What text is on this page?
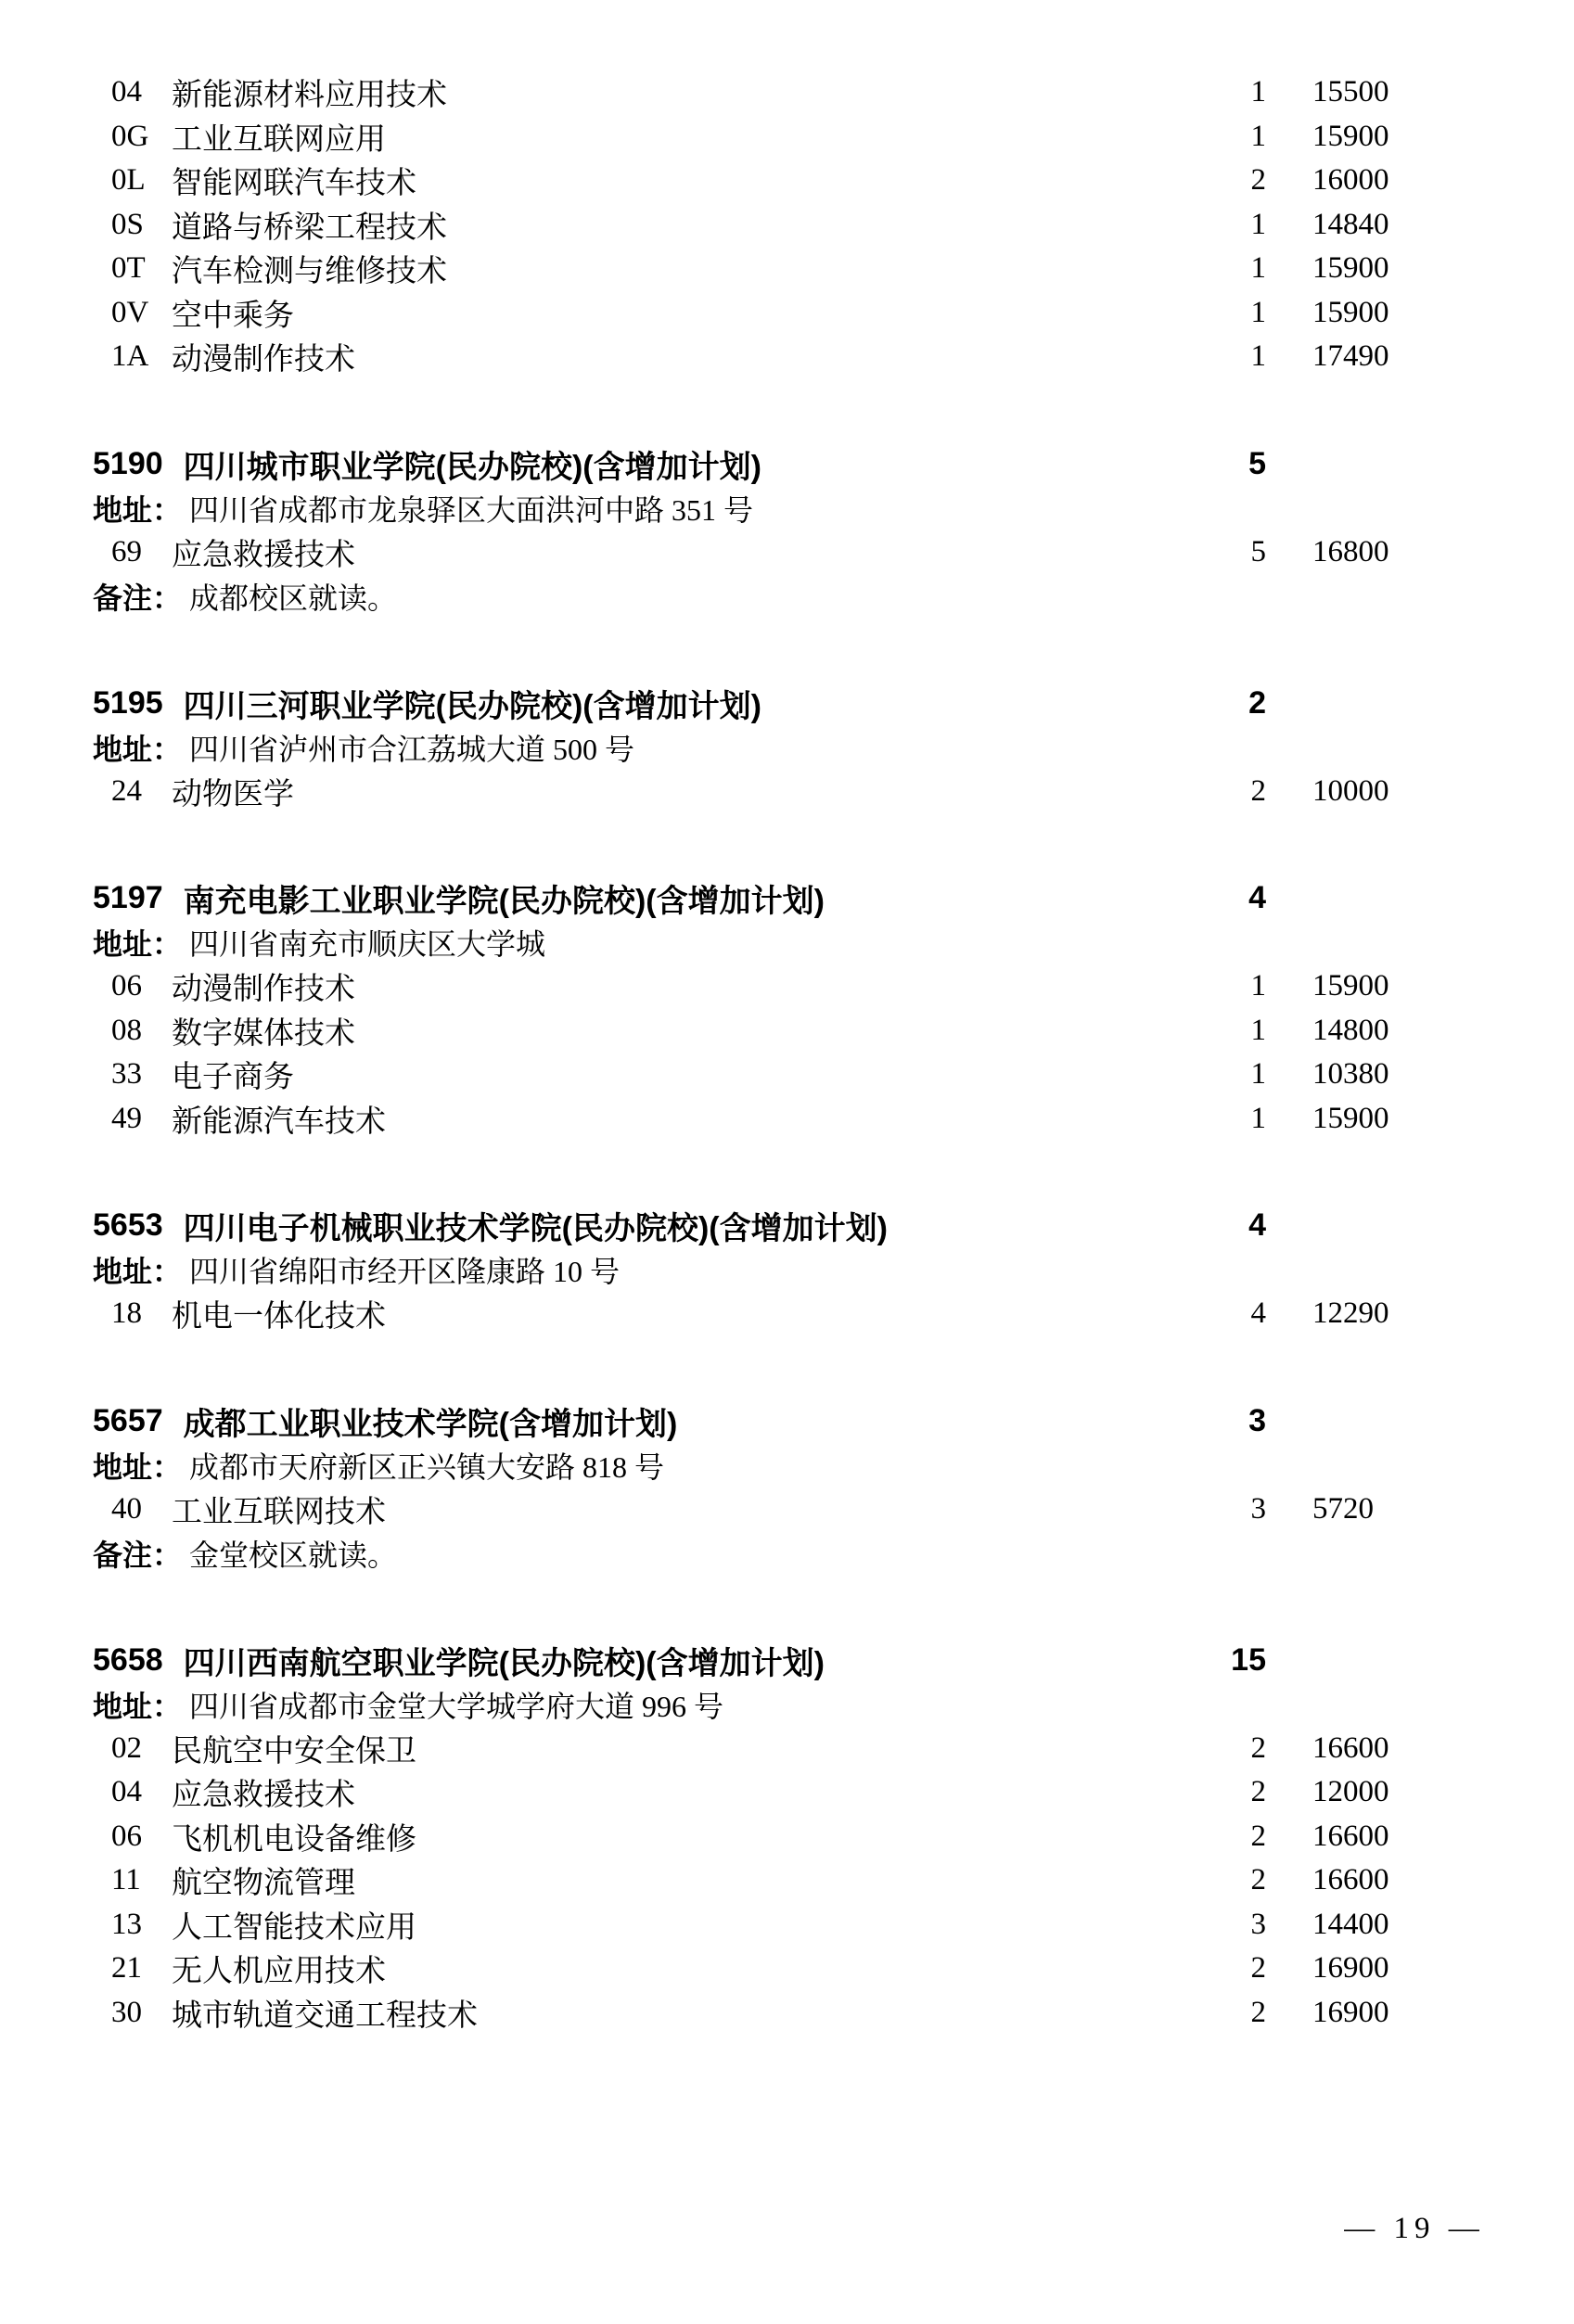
04 新能源材料应用技术	1	15500
0G 工业互联网应用	1	15900
0L 智能网联汽车技术	2	16000
0S 道路与桥梁工程技术	1	14840
0T 汽车检测与维修技术	1	15900
0V 空中乘务	1	15900
1A 动漫制作技术	1	17490
5190 四川城市职业学院(民办院校)(含增加计划)	5
地址： 四川省成都市龙泉驿区大面洪河中路 351 号
69 应急救援技术	5	16800
备注： 成都校区就读。
5195 四川三河职业学院(民办院校)(含增加计划)	2
地址： 四川省泸州市合江荔城大道 500 号
24 动物医学	2	10000
5197 南充电影工业职业学院(民办院校)(含增加计划)	4
地址： 四川省南充市顺庆区大学城
06 动漫制作技术	1	15900
08 数字媒体技术	1	14800
33 电子商务	1	10380
49 新能源汽车技术	1	15900
5653 四川电子机械职业技术学院(民办院校)(含增加计划)	4
地址： 四川省绵阳市经开区隆康路 10 号
18 机电一体化技术	4	12290
5657 成都工业职业技术学院(含增加计划)	3
地址： 成都市天府新区正兴镇大安路 818 号
40 工业互联网技术	3	5720
备注： 金堂校区就读。
5658 四川西南航空职业学院(民办院校)(含增加计划)	15
地址： 四川省成都市金堂大学城学府大道 996 号
02 民航空中安全保卫	2	16600
04 应急救援技术	2	12000
06 飞机机电设备维修	2	16600
11	航空物流管理	2	16600
13 人工智能技术应用	3	14400
21 无人机应用技术	2	16900
30 城市轨道交通工程技术	2	16900
— 19 —
